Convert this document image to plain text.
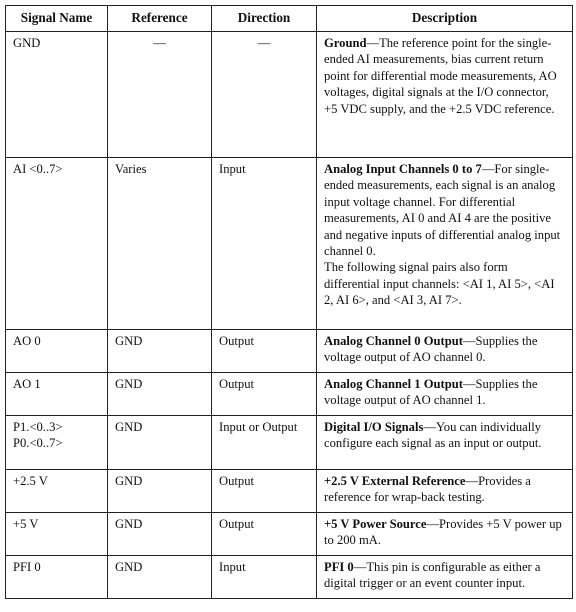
Signal Name	Reference	Direction	Description

GND	—	—	Ground—The reference point for the single-ended AI measurements, bias current return point for differential mode measurements, AO voltages, digital signals at the I/O connector, +5 VDC supply, and the +2.5 VDC reference.

AI <0..7>	Varies	Input	Analog Input Channels 0 to 7—For single-ended measurements, each signal is an analog input voltage channel. For differential measurements, AI 0 and AI 4 are the positive and negative inputs of differential analog input channel 0.
The following signal pairs also form differential input channels: <AI 1, AI 5>, <AI 2, AI 6>, and <AI 3, AI 7>.

AO 0	GND	Output	Analog Channel 0 Output—Supplies the voltage output of AO channel 0.

AO 1	GND	Output	Analog Channel 1 Output—Supplies the voltage output of AO channel 1.

P1.<0..3>
P0.<0..7>	GND	Input or Output	Digital I/O Signals—You can individually configure each signal as an input or output.

+2.5 V	GND	Output	+2.5 V External Reference—Provides a reference for wrap-back testing.

+5 V	GND	Output	+5 V Power Source—Provides +5 V power up to 200 mA.

PFI 0	GND	Input	PFI 0—This pin is configurable as either a digital trigger or an event counter input.
